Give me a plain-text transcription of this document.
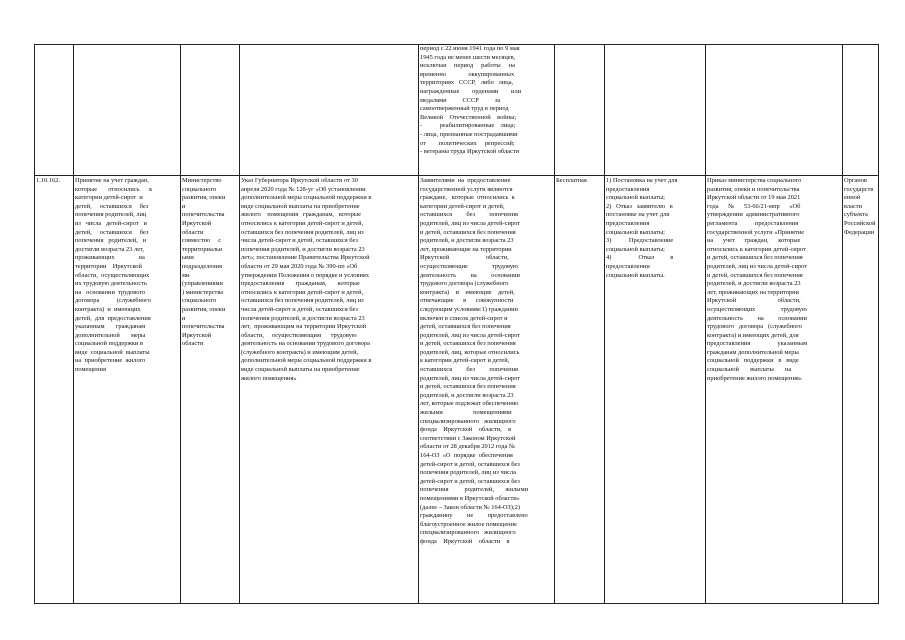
период с 22 июня 1941 года по 9 мая
1945 года не менее шести месяцев,
исключая     период     работы     на
временно              оккупированных
территориях   СССР,   либо   лица,
награжденные        орденами        или
медалями          СССР          за
самоотверженный труд в период
Великой    Отечественной    войны;
-           реабилитированные    лица;
- лица, признанные пострадавшими
от        политических     репрессий;
- ветераны труда Иркутской области
1.10.162.	Принятие на учет граждан,
которые       относились      к
категории детей-сирот  и
детей,     оставшихся     без
попечения родителей, лиц
из   числа   детей-сирот   и
детей,     оставшихся     без
попечения   родителей,   и
достигли возраста 23 лет,
проживающих               на
территории    Иркутской
области,  осуществляющих
их трудовую деятельность
на   основании  трудового
договора           (служебного
контракта)  и  имеющих
детей,  для  предоставления
указанным       гражданам
дополнительной       меры
социальной поддержки в
виде  социальной  выплаты
на  приобретение  жилого
помещения
Министерство
социального
развития, опеки
и
попечительства
Иркутской
области
совместно     с
территориальн
ыми
подразделения
ми
(управлениями
) министерства
социального
развития, опеки
и
попечительства
Иркутской
области
Указ Губернатора Иркутской области от 30
апреля 2020 года № 128-уг «Об установлении
дополнительной меры социальной поддержки в
виде социальной выплаты на приобретение
жилого    помещения   гражданам,   которые
относились к категории детей-сирот и детей,
оставшихся без попечения родителей, лиц из
числа детей-сирот и детей, оставшихся без
попечения родителей, и достигли возраста 23
лет»; постановление Правительства Иркутской
области от 29 мая 2020 года № 390-пп «Об
утверждении Положения о порядке и условиях
предоставления       гражданам,       которые
относились к категории детей-сирот и детей,
оставшихся без попечения родителей, лиц из
числа детей-сирот и детей, оставшихся без
попечения родителей, и достигли возраста 23
лет,  проживающим на территории Иркутской
области,     осуществляющим      трудовую
деятельность на основании трудового договора
(служебного контракта) и имеющим детей,
дополнительной меры социальной поддержки в
виде социальной выплаты на приобретение
жилого помещения»
Заявителями  на  предоставление
государственной услуги являются
граждане,   которые  относились  к
категории детей-сирот и детей,
оставшихся         без         попечения
родителей, лиц из числа детей-сирот
и детей, оставшихся без попечения
родителей, и достигли возраста 23
лет, проживающие на территории
Иркутской                       области,
осуществляющие               трудовую
деятельность         на         основании
трудового договора (служебного
контракта)    и    имеющие    детей,
отвечающие      в      совокупности
следующим условиям:1) гражданин
включен в список детей-сирот и
детей, оставшихся без попечения
родителей, лиц из числа детей-сирот
и детей, оставшихся без попечения
родителей, лиц, которые относились
к категории детей-сирот и детей,
оставшихся         без         попечения
родителей, лиц из числа детей-сирот
и детей, оставшихся без попечения
родителей, и достигли возраста 23
лет, которые подлежат обеспечению
жилыми                   помещениями
специализированного   жилищного
фонда    Иркутской    области,    в
соответствии с Законом Иркутской
области от 28 декабря 2012 года №
164-ОЗ  «О  порядке  обеспечения
детей-сирот и детей, оставшихся без
попечения родителей, лиц из числа
детей-сирот и детей, оставшихся без
попечения          родителей,       жилыми
помещениями в Иркутской области»
(далее – Закон области № 164-ОЗ);2)
гражданину         не         предоставлено
благоустроенное жилое помещение
специализированного   жилищного
фонда    Иркутской    области    в
Бесплатная	1) Постановка на учет для
предоставления
социальной выплаты;
2)   Отказ   заявителю   в
постановке на учет для
предоставления
социальной выплаты;
3)           Предоставление
социальной выплаты;
4)                 Отказ          в
предоставлении
социальной выплаты.
Приказ министерства социального
развития, опеки и попечительства
Иркутской области от 19 мая 2021
года      №      53-66/21-мпр      «Об
утверждении  административного
регламента           предоставления
государственной услуги «Принятие
на      учет      граждан,      которые
относились к категории детей-сирот
и детей, оставшихся без попечения
родителей, лиц из числа детей-сирот
и детей, оставшихся без попечения
родителей, и достигли возраста 23
лет, проживающих на территории
Иркутской                          области,
осуществляющих                трудовую
деятельность         на         основании
трудового   договора   (служебного
контракта) и имеющих детей, для
предоставления                 указанным
гражданам дополнительной меры
социальной   поддержки   в   виде
социальной       выплаты       на
приобретение жилого помещения»
Органов
государств
енной
власти
субъекта
Российской
Федерации
